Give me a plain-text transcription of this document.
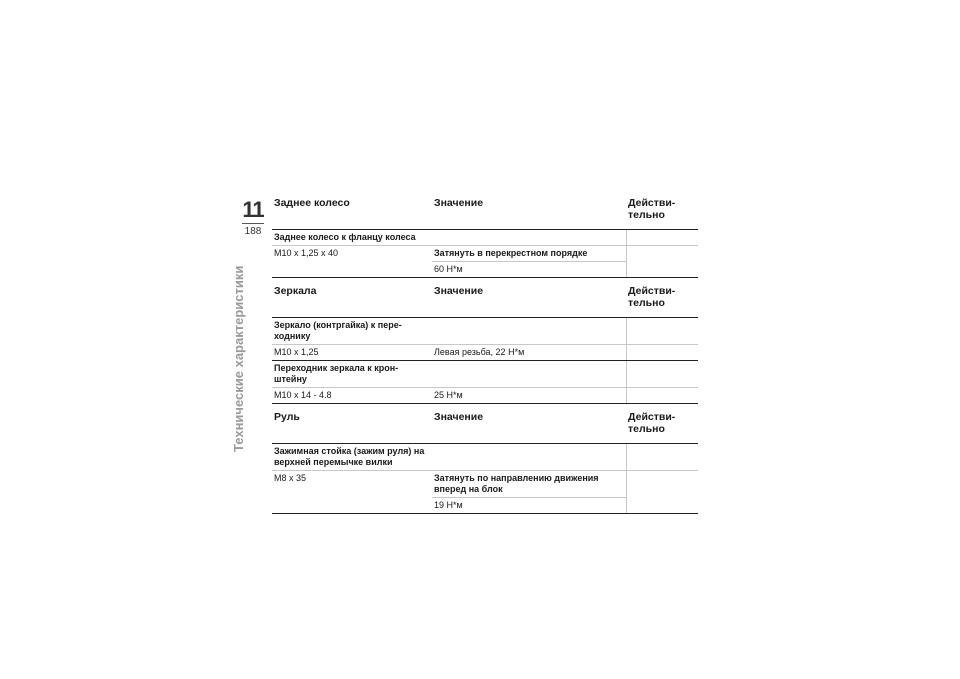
11
188
Технические характеристики
Заднее колесо	Значение	Действи-тельно
Заднее колесо к фланцу колеса		
М10 х 1,25 х 40	Затянуть в перекрестном порядке	
	60 Н*м	
Зеркала	Значение	Действи-тельно
Зеркало (контргайка) к пере-ходнику		
М10 х 1,25	Левая резьба, 22 Н*м	
Переходник зеркала к крон-штейну		
М10 х 14 - 4.8	25 Н*м	
Руль	Значение	Действи-тельно
Зажимная стойка (зажим руля) на верхней перемычке вилки		
М8 х 35	Затянуть по направлению движения вперед на блок	
	19 Н*м	
